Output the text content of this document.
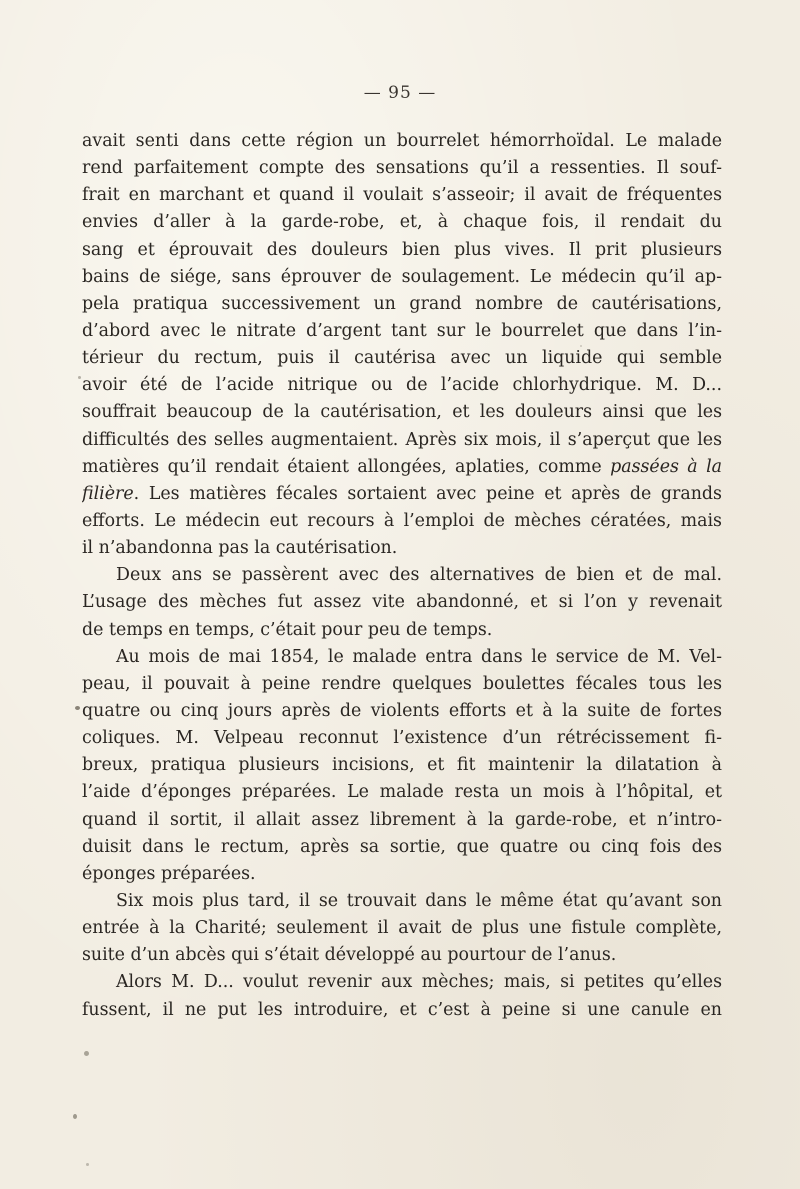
— 95 —
avait senti dans cette région un bourrelet hémorrhoïdal. Le malade
rend parfaitement compte des sensations qu’il a ressenties. Il souf-
frait en marchant et quand il voulait s’asseoir; il avait de fréquentes
envies d’aller à la garde-robe, et, à chaque fois, il rendait du
sang et éprouvait des douleurs bien plus vives. Il prit plusieurs
bains de siége, sans éprouver de soulagement. Le médecin qu’il ap-
pela pratiqua successivement un grand nombre de cautérisations,
d’abord avec le nitrate d’argent tant sur le bourrelet que dans l’in-
térieur du rectum, puis il cautérisa avec un liquide qui semble
avoir été de l’acide nitrique ou de l’acide chlorhydrique. M. D...
souffrait beaucoup de la cautérisation, et les douleurs ainsi que les
difficultés des selles augmentaient. Après six mois, il s’aperçut que les
matières qu’il rendait étaient allongées, aplaties, comme passées à la
filière. Les matières fécales sortaient avec peine et après de grands
efforts. Le médecin eut recours à l’emploi de mèches cératées, mais
il n’abandonna pas la cautérisation.
Deux ans se passèrent avec des alternatives de bien et de mal.
L’usage des mèches fut assez vite abandonné, et si l’on y revenait
de temps en temps, c’était pour peu de temps.
Au mois de mai 1854, le malade entra dans le service de M. Vel-
peau, il pouvait à peine rendre quelques boulettes fécales tous les
quatre ou cinq jours après de violents efforts et à la suite de fortes
coliques. M. Velpeau reconnut l’existence d’un rétrécissement fi-
breux, pratiqua plusieurs incisions, et fit maintenir la dilatation à
l’aide d’éponges préparées. Le malade resta un mois à l’hôpital, et
quand il sortit, il allait assez librement à la garde-robe, et n’intro-
duisit dans le rectum, après sa sortie, que quatre ou cinq fois des
éponges préparées.
Six mois plus tard, il se trouvait dans le même état qu’avant son
entrée à la Charité; seulement il avait de plus une fistule complète,
suite d’un abcès qui s’était développé au pourtour de l’anus.
Alors M. D... voulut revenir aux mèches; mais, si petites qu’elles
fussent, il ne put les introduire, et c’est à peine si une canule en
